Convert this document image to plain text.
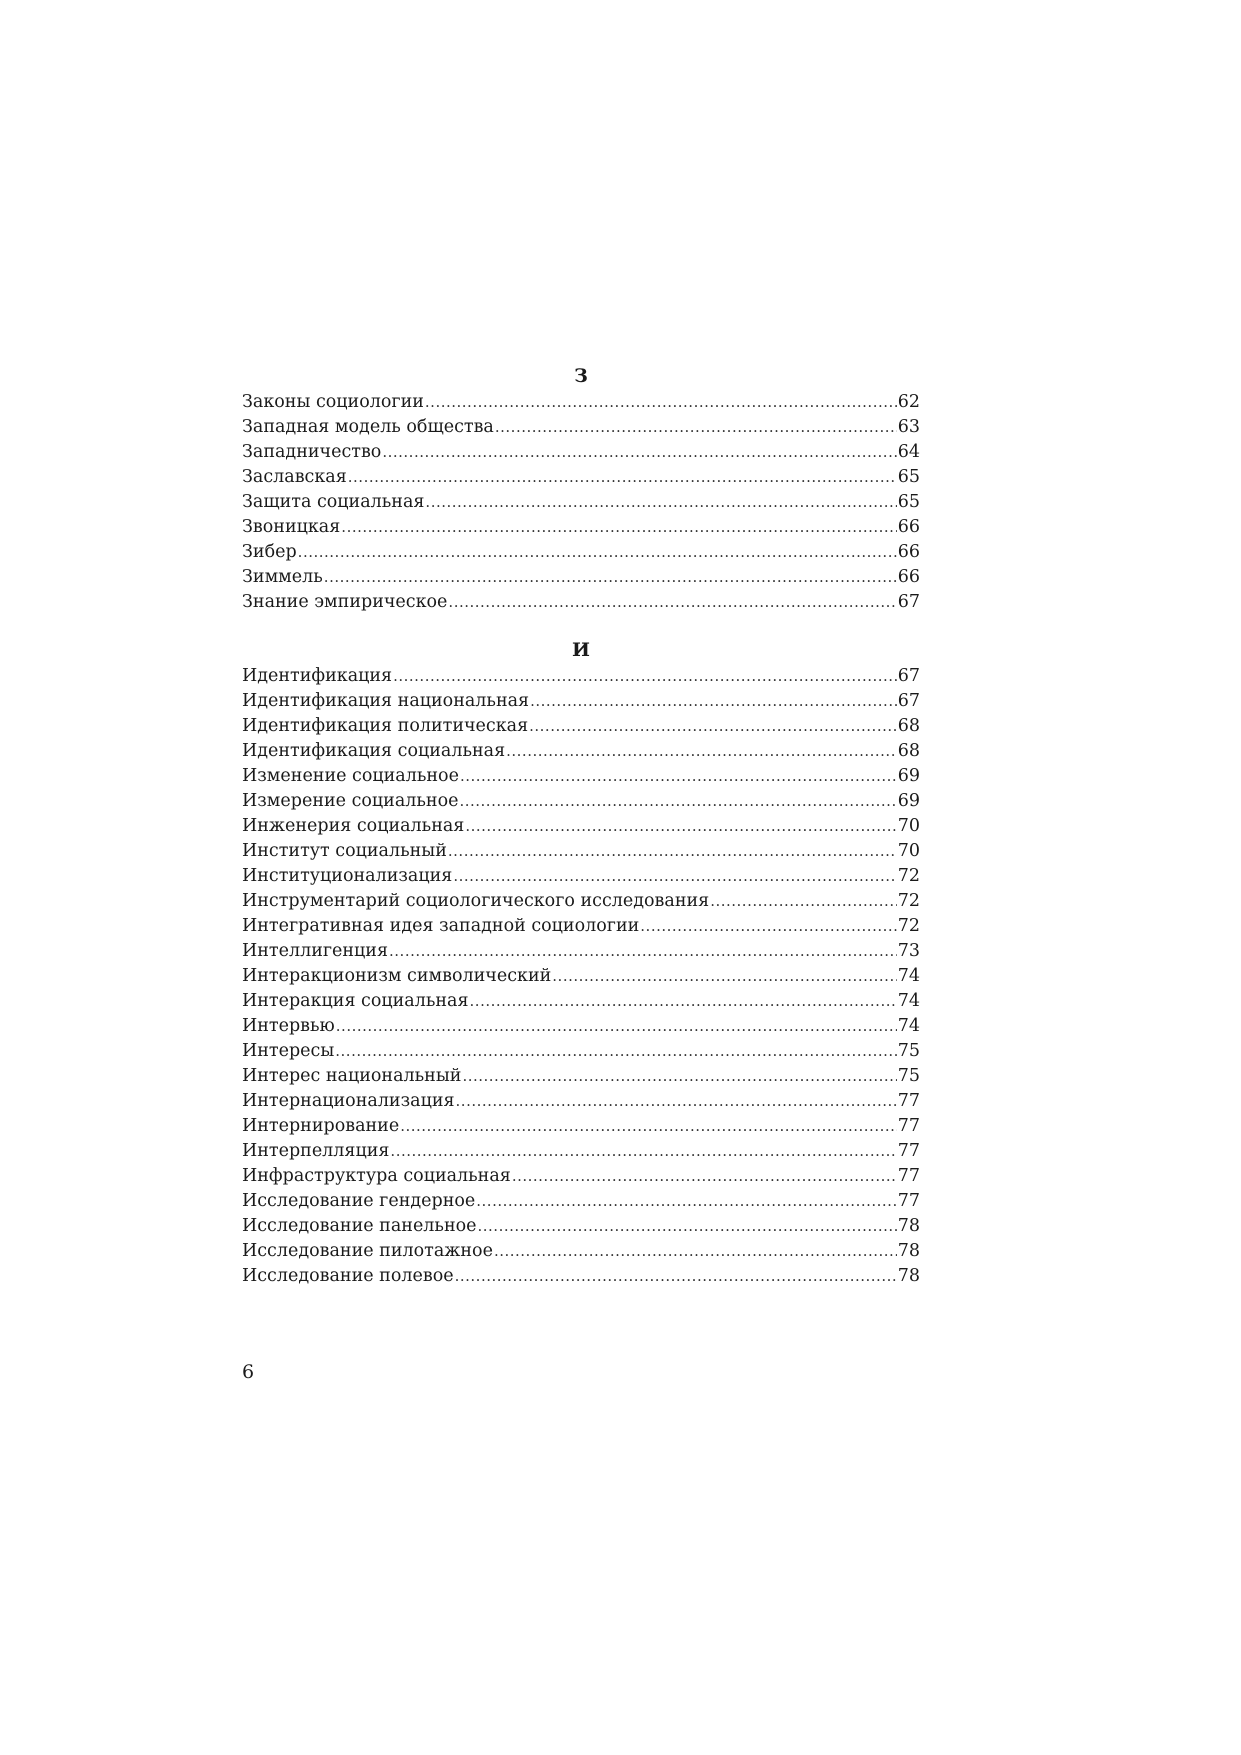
З
Законы социологии .....	62
Западная модель общества .....	63
Западничество .....	64
Заславская .....	65
Защита социальная .....	65
Звоницкая .....	66
Зибер .....	66
Зиммель .....	66
Знание эмпирическое .....	67
И
Идентификация .....	67
Идентификация национальная .....	67
Идентификация политическая .....	68
Идентификация социальная .....	68
Изменение социальное .....	69
Измерение социальное .....	69
Инженерия социальная .....	70
Институт социальный .....	70
Институционализация .....	72
Инструментарий социологического исследования .....	72
Интегративная идея западной социологии .....	72
Интеллигенция .....	73
Интеракционизм символический .....	74
Интеракция социальная .....	74
Интервью .....	74
Интересы .....	75
Интерес национальный .....	75
Интернационализация .....	77
Интернирование .....	77
Интерпелляция .....	77
Инфраструктура социальная .....	77
Исследование гендерное .....	77
Исследование панельное .....	78
Исследование пилотажное .....	78
Исследование полевое .....	78
6
